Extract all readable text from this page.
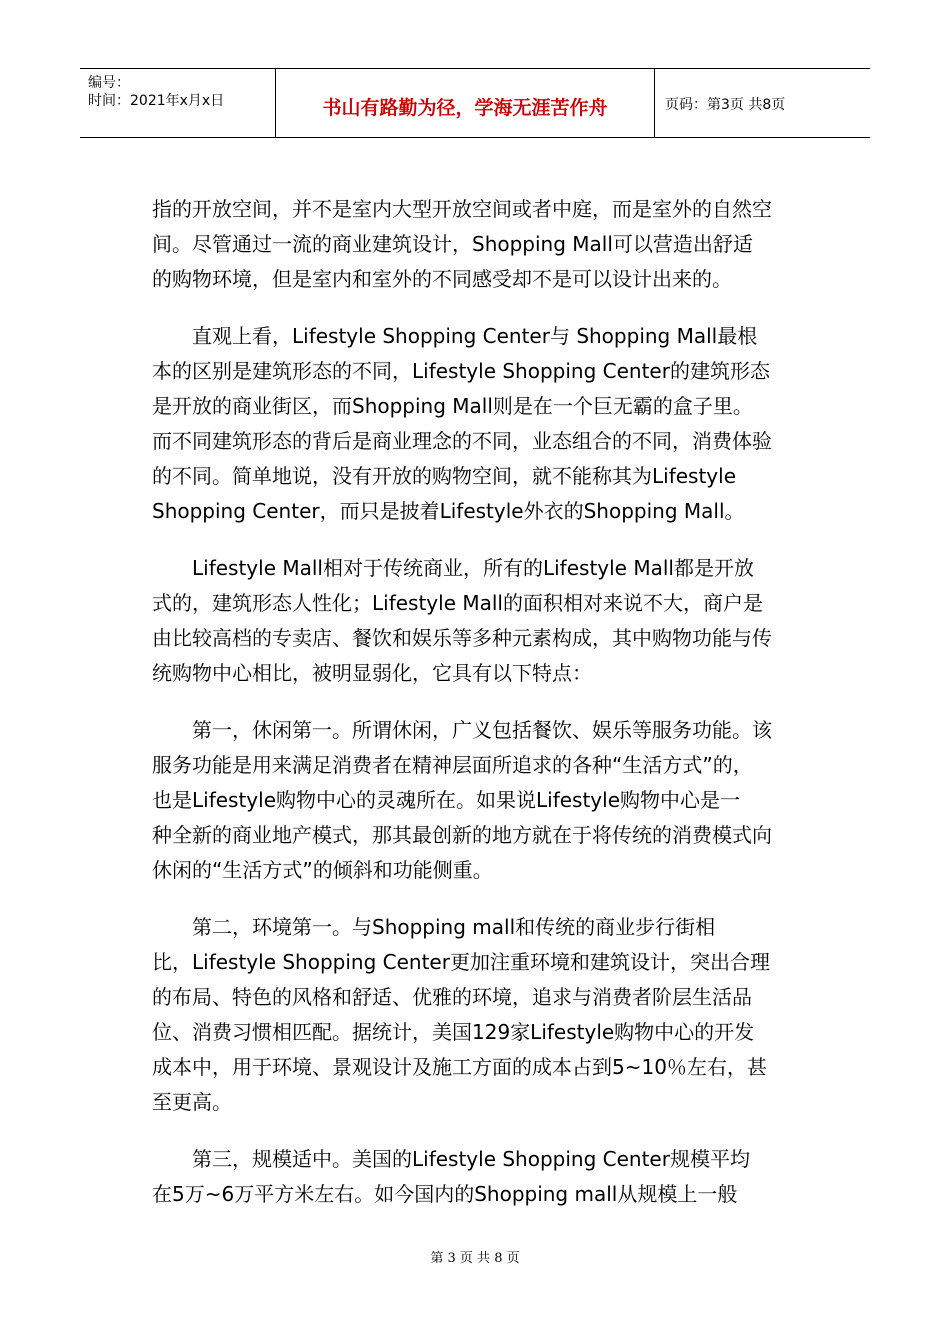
编号：
时间：2021年x月x日	书山有路勤为径，学海无涯苦作舟	页码：第3页 共8页

指的开放空间，并不是室内大型开放空间或者中庭，而是室外的自然空
间。尽管通过一流的商业建筑设计，Shopping Mall可以营造出舒适
的购物环境，但是室内和室外的不同感受却不是可以设计出来的。

　　直观上看，Lifestyle Shopping Center与 Shopping Mall最根
本的区别是建筑形态的不同，Lifestyle Shopping Center的建筑形态
是开放的商业街区，而Shopping Mall则是在一个巨无霸的盒子里。
而不同建筑形态的背后是商业理念的不同，业态组合的不同，消费体验
的不同。简单地说，没有开放的购物空间，就不能称其为Lifestyle
Shopping Center，而只是披着Lifestyle外衣的Shopping Mall。

　　Lifestyle Mall相对于传统商业，所有的Lifestyle Mall都是开放
式的，建筑形态人性化；Lifestyle Mall的面积相对来说不大，商户是
由比较高档的专卖店、餐饮和娱乐等多种元素构成，其中购物功能与传
统购物中心相比，被明显弱化，它具有以下特点：

　　第一，休闲第一。所谓休闲，广义包括餐饮、娱乐等服务功能。该
服务功能是用来满足消费者在精神层面所追求的各种“生活方式”的，
也是Lifestyle购物中心的灵魂所在。如果说Lifestyle购物中心是一
种全新的商业地产模式，那其最创新的地方就在于将传统的消费模式向
休闲的“生活方式”的倾斜和功能侧重。

　　第二，环境第一。与Shopping mall和传统的商业步行街相
比，Lifestyle Shopping Center更加注重环境和建筑设计，突出合理
的布局、特色的风格和舒适、优雅的环境，追求与消费者阶层生活品
位、消费习惯相匹配。据统计，美国129家Lifestyle购物中心的开发
成本中，用于环境、景观设计及施工方面的成本占到5~10％左右，甚
至更高。

　　第三，规模适中。美国的Lifestyle Shopping Center规模平均
在5万~6万平方米左右。如今国内的Shopping mall从规模上一般

第 3 页 共 8 页
